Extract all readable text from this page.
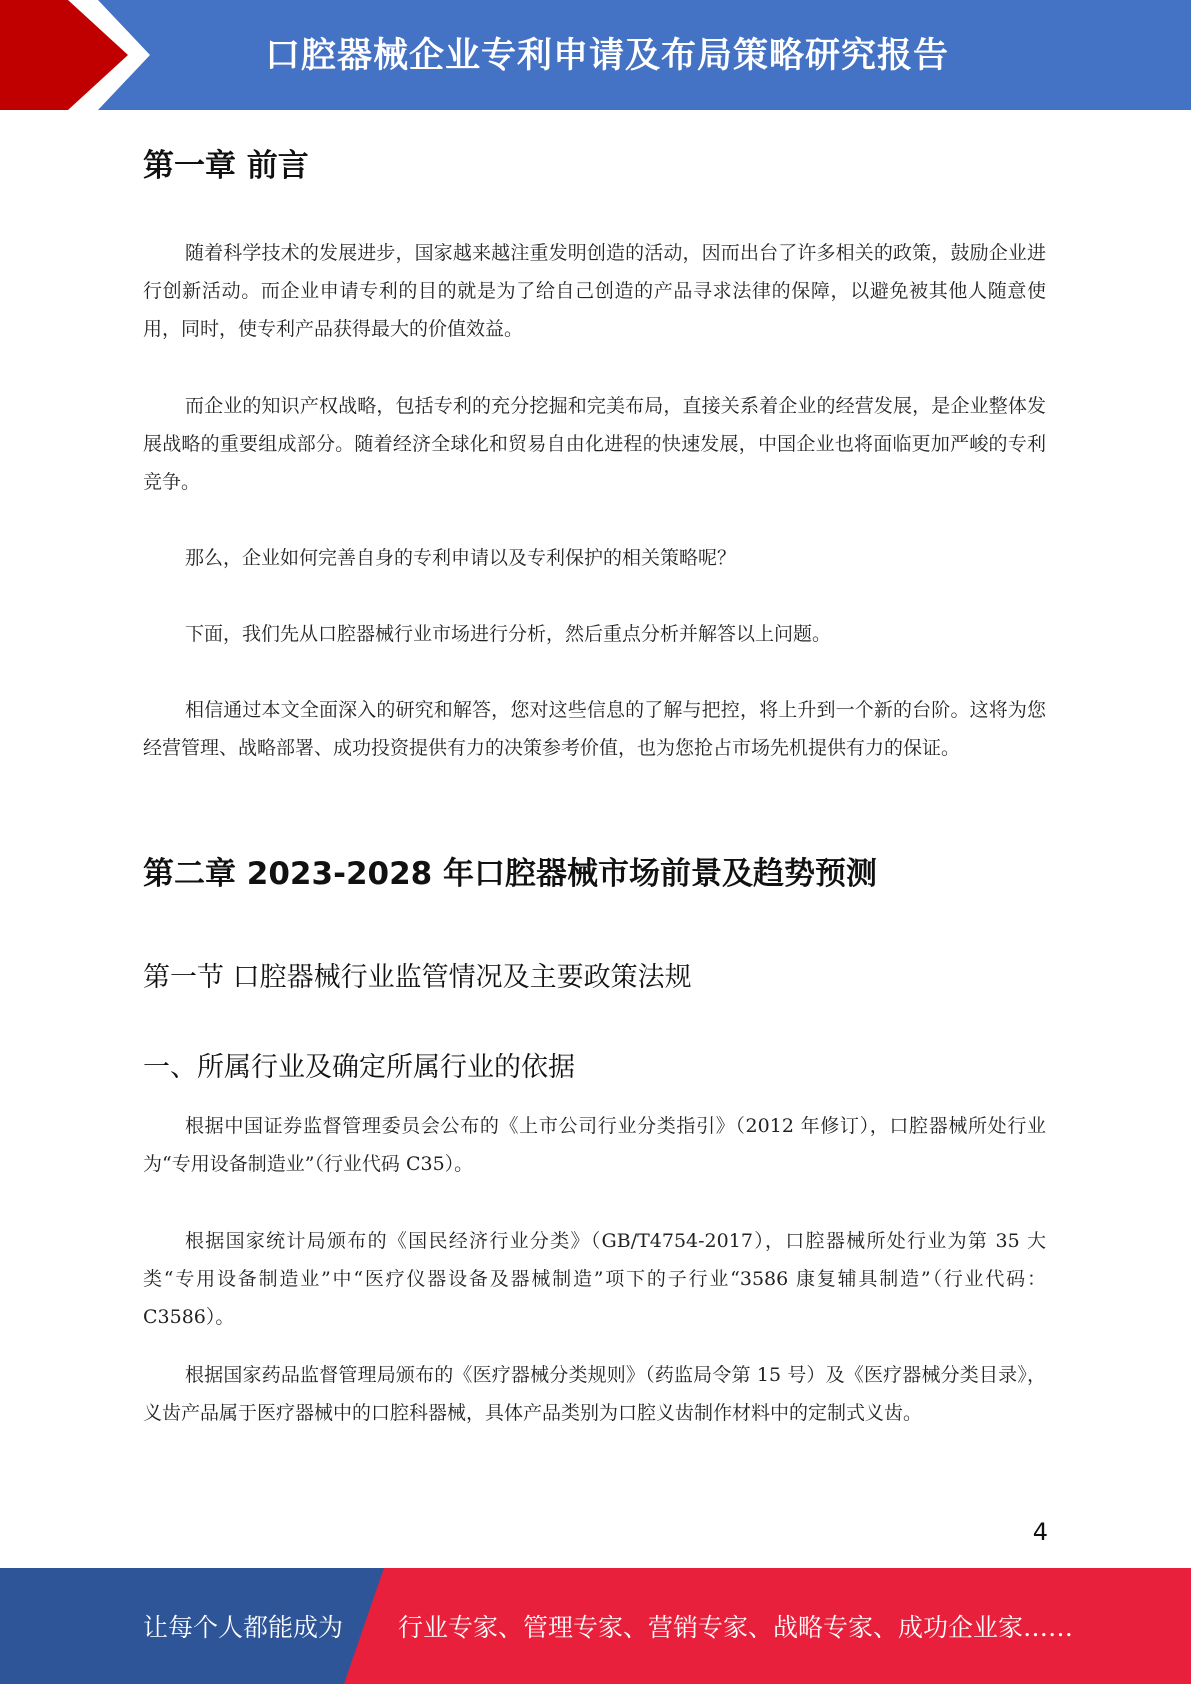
口腔器械企业专利申请及布局策略研究报告
第一章 前言

随着科学技术的发展进步，国家越来越注重发明创造的活动，因而出台了许多相关的政策，鼓励企业进行创新活动。而企业申请专利的目的就是为了给自己创造的产品寻求法律的保障，以避免被其他人随意使用，同时，使专利产品获得最大的价值效益。

而企业的知识产权战略，包括专利的充分挖掘和完美布局，直接关系着企业的经营发展，是企业整体发展战略的重要组成部分。随着经济全球化和贸易自由化进程的快速发展，中国企业也将面临更加严峻的专利竞争。

那么，企业如何完善自身的专利申请以及专利保护的相关策略呢？

下面，我们先从口腔器械行业市场进行分析，然后重点分析并解答以上问题。

相信通过本文全面深入的研究和解答，您对这些信息的了解与把控，将上升到一个新的台阶。这将为您经营管理、战略部署、成功投资提供有力的决策参考价值，也为您抢占市场先机提供有力的保证。

第二章 2023-2028 年口腔器械市场前景及趋势预测
第一节 口腔器械行业监管情况及主要政策法规
一、所属行业及确定所属行业的依据

根据中国证券监督管理委员会公布的《上市公司行业分类指引》（2012 年修订），口腔器械所处行业为“专用设备制造业”（行业代码 C35）。

根据国家统计局颁布的《国民经济行业分类》（GB/T4754-2017），口腔器械所处行业为第 35 大类“专用设备制造业”中“医疗仪器设备及器械制造”项下的子行业“3586 康复辅具制造”（行业代码：C3586）。

根据国家药品监督管理局颁布的《医疗器械分类规则》（药监局令第 15 号）及《医疗器械分类目录》，义齿产品属于医疗器械中的口腔科器械，具体产品类别为口腔义齿制作材料中的定制式义齿。

4
让每个人都能成为 行业专家、管理专家、营销专家、战略专家、成功企业家……
